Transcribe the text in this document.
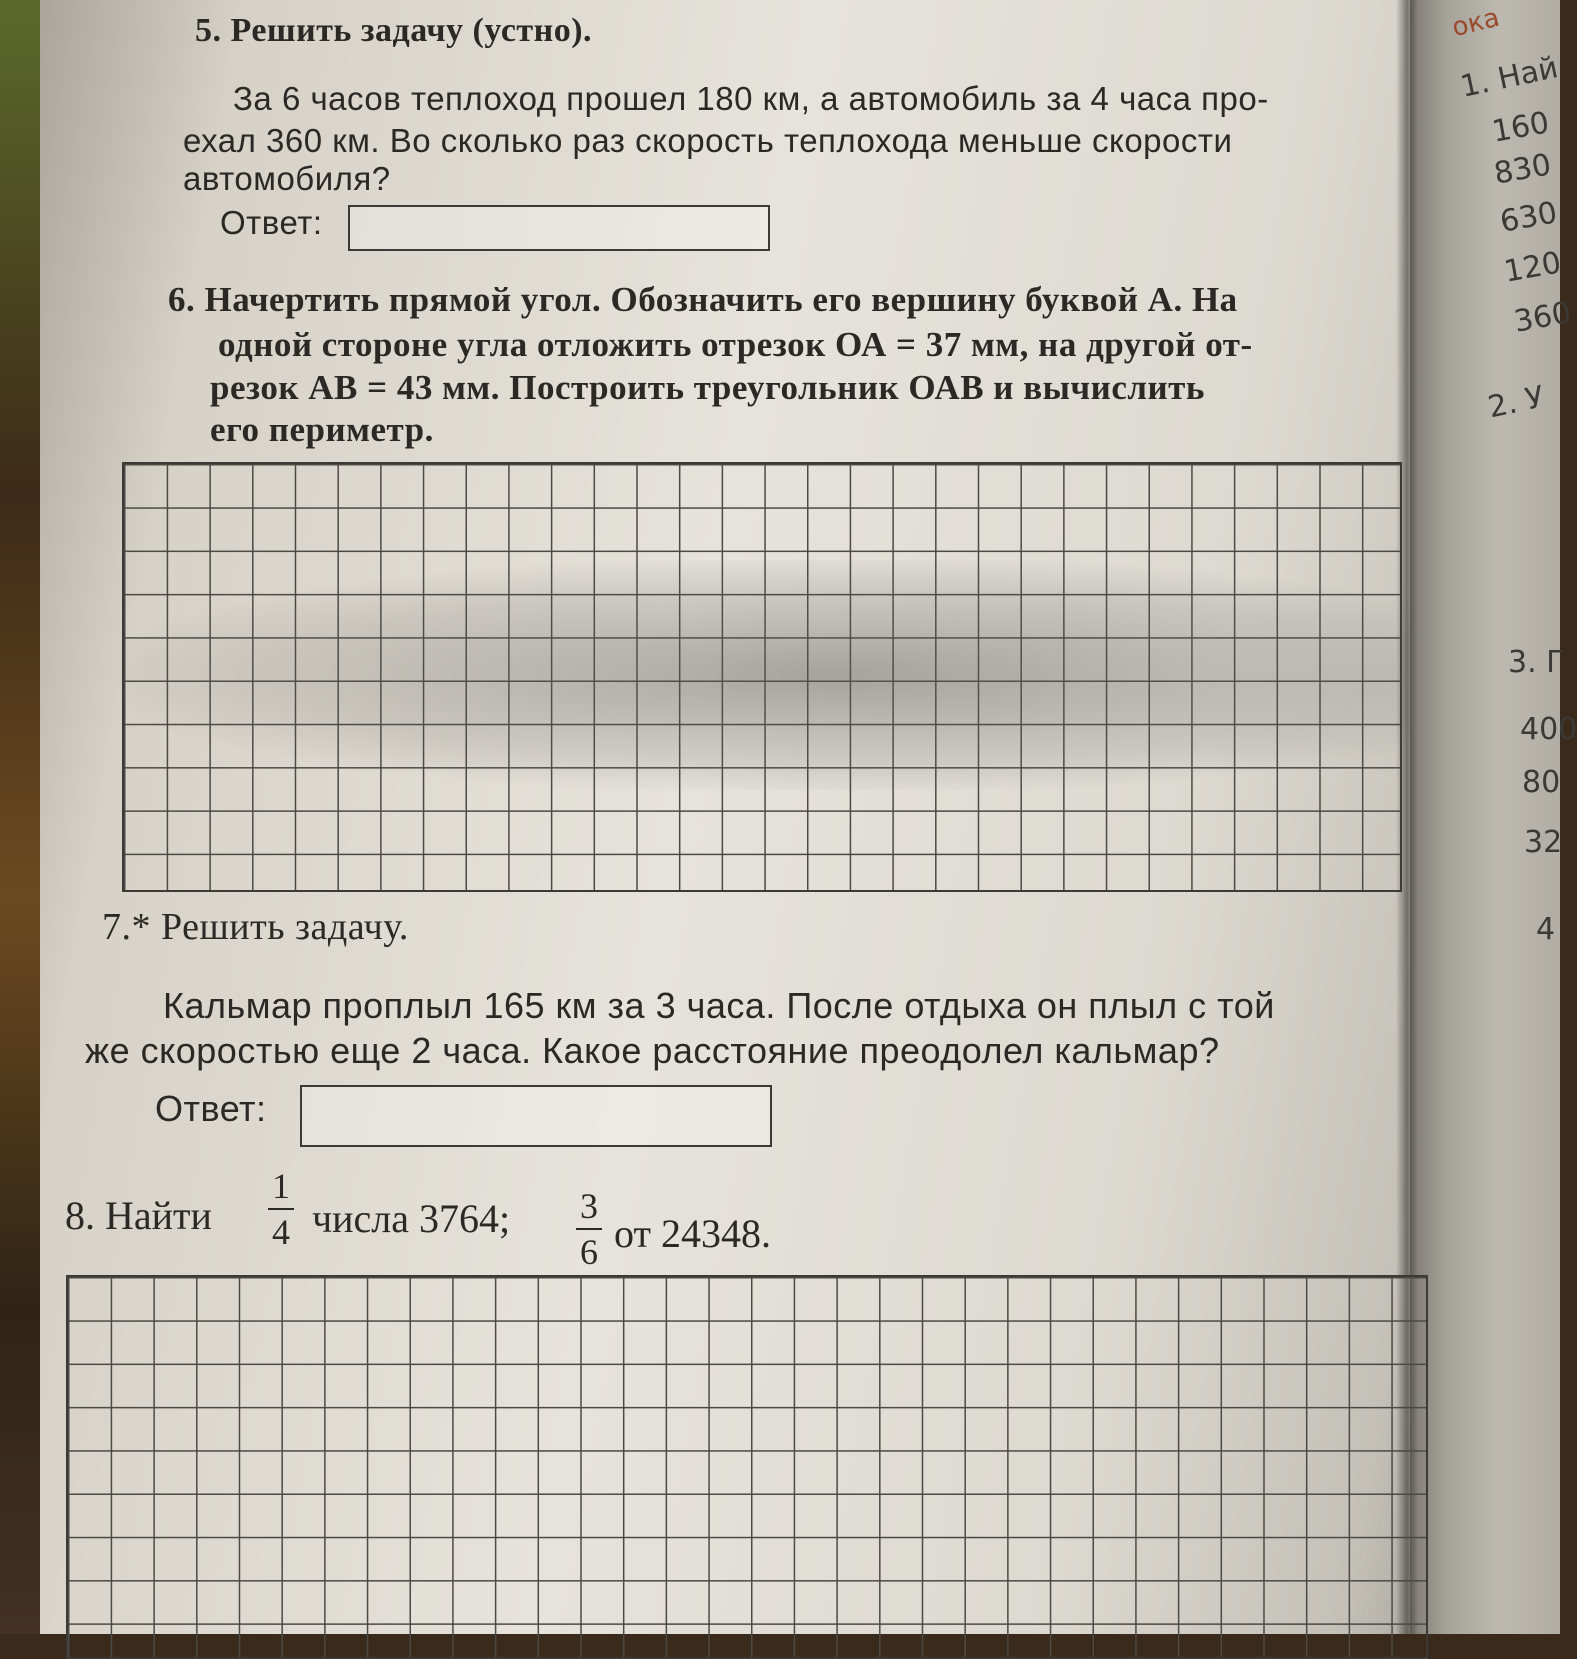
5. Решить задачу (устно).
За 6 часов теплоход прошел 180 км, а автомобиль за 4 часа про-
ехал 360 км. Во сколько раз скорость теплохода меньше скорости
автомобиля?
Ответ:
6. Начертить прямой угол. Обозначить его вершину буквой А. На
одной стороне угла отложить отрезок ОА = 37 мм, на другой от-
резок АВ = 43 мм. Построить треугольник ОАВ и вычислить
его периметр.
7.* Решить задачу.
Кальмар проплыл 165 км за 3 часа. После отдыха он плыл с той
же скоростью еще 2 часа. Какое расстояние преодолел кальмар?
Ответ:
8. Найти
1
4 числа 3764; 3
6 от 24348.
ока
1. Най
160
830
630
120
360
2. У
3. Г
400
80
32
4
